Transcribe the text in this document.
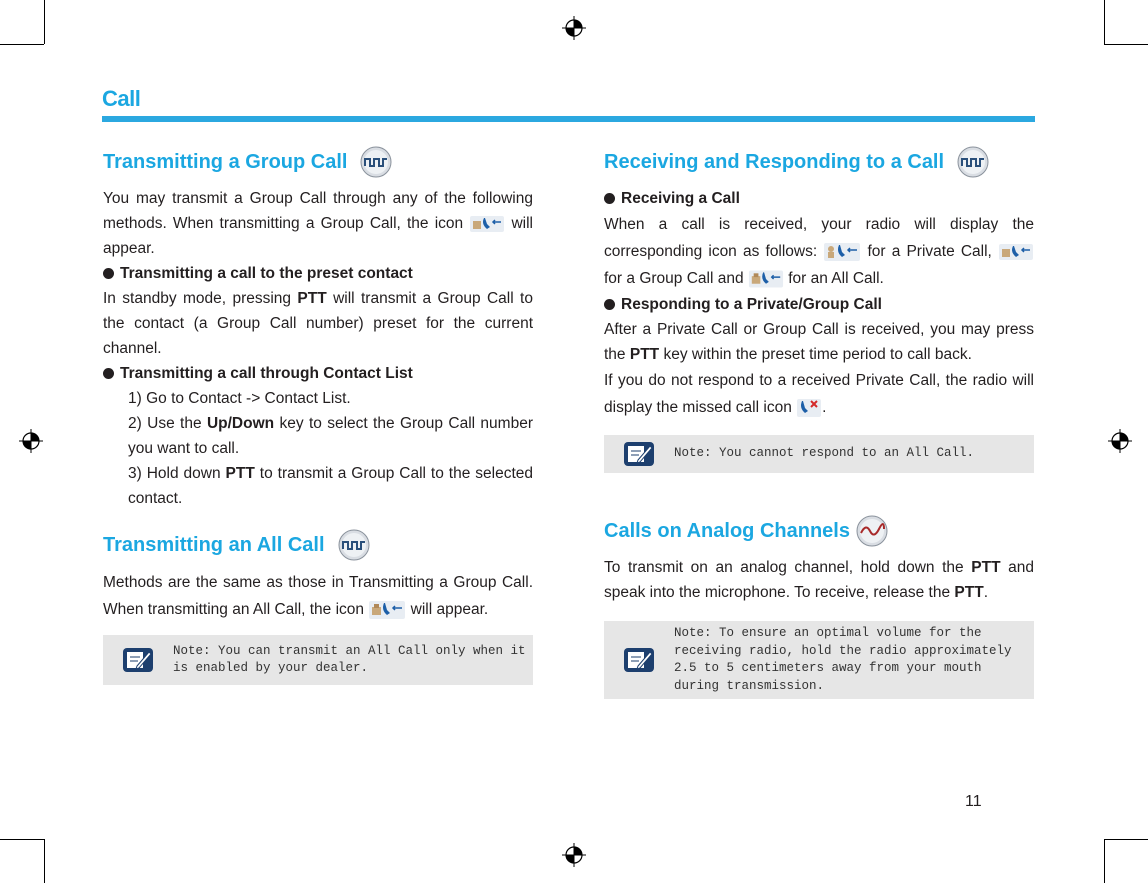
Call
Transmitting a Group Call

You may transmit a Group Call through any of the following methods. When transmitting a Group Call, the icon	will appear.

Transmitting a call to the preset contact

In standby mode, pressing PTT will transmit a Group Call to the contact (a Group Call number) preset for the current channel.

Transmitting a call through Contact List

1) Go to Contact -> Contact List.

2) Use the Up/Down key to select the Group Call number you want to call.

3) Hold down PTT to transmit a Group Call to the selected contact.

Transmitting an All Call

Methods are the same as those in Transmitting a Group Call. When transmitting an All Call, the icon	will appear.

Note: You can transmit an All Call only when it is enabled by your dealer.
Receiving and Responding to a Call
Receiving a Call

When a call is received, your radio will display the corresponding icon as follows:	for a Private Call,  for a Group Call and	for an All Call.

Responding to a Private/Group Call

After a Private Call or Group Call is received, you may press the PTT key within the preset time period to call back.

If you do not respond to a received Private Call, the radio will display the missed call icon .

Note: You cannot respond to an All Call.
Calls on Analog Channels

To transmit on an analog channel, hold down the PTT and speak into the microphone. To receive, release the PTT.

Note: To ensure an optimal volume for the receiving radio, hold the radio approximately 2.5 to 5 centimeters away from your mouth during transmission.
11
